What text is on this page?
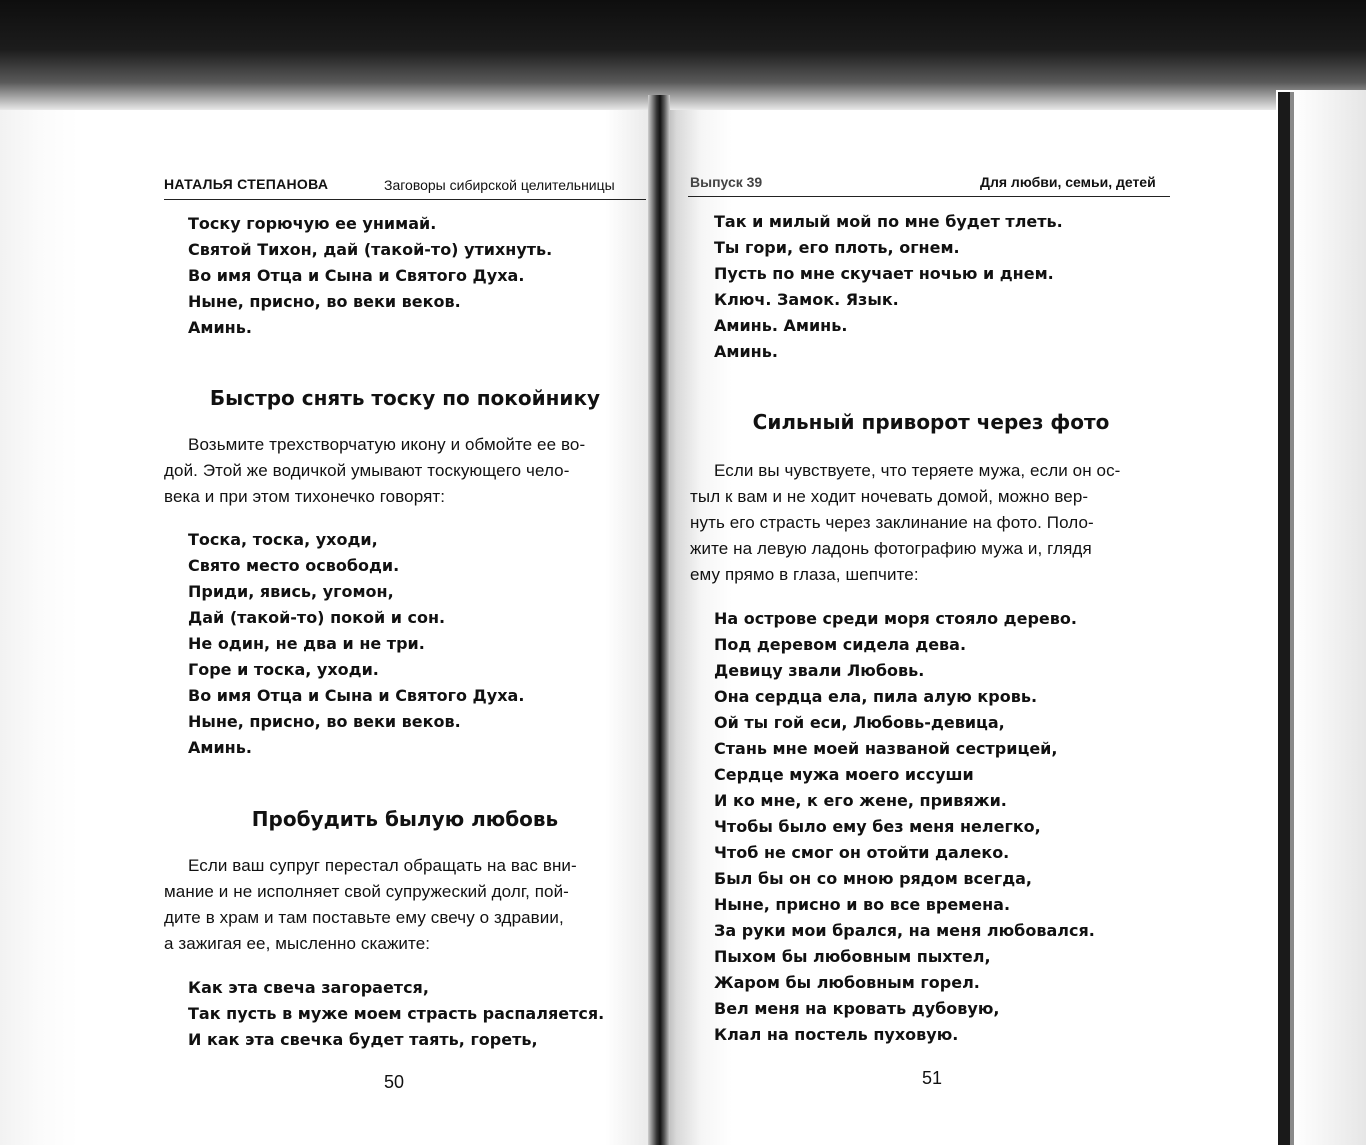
НАТАЛЬЯ СТЕПАНОВА	Заговоры сибирской целительницы
Тоску горючую ее унимай.
Святой Тихон, дай (такой-то) утихнуть.
Во имя Отца и Сына и Святого Духа.
Ныне, присно, во веки веков.
Аминь.
Быстро снять тоску по покойнику
Возьмите трехстворчатую икону и обмойте ее во-
дой. Этой же водичкой умывают тоскующего чело-
века и при этом тихонечко говорят:
Тоска, тоска, уходи,
Свято место освободи.
Приди, явись, угомон,
Дай (такой-то) покой и сон.
Не один, не два и не три.
Горе и тоска, уходи.
Во имя Отца и Сына и Святого Духа.
Ныне, присно, во веки веков.
Аминь.
Пробудить былую любовь
Если ваш супруг перестал обращать на вас вни-
мание и не исполняет свой супружеский долг, пой-
дите в храм и там поставьте ему свечу о здравии,
а зажигая ее, мысленно скажите:
Как эта свеча загорается,
Так пусть в муже моем страсть распаляется.
И как эта свечка будет таять, гореть,
50
Выпуск 39	Для любви, семьи, детей
Так и милый мой по мне будет тлеть.
Ты гори, его плоть, огнем.
Пусть по мне скучает ночью и днем.
Ключ. Замок. Язык.
Аминь. Аминь.
Аминь.
Сильный приворот через фото
Если вы чувствуете, что теряете мужа, если он ос-
тыл к вам и не ходит ночевать домой, можно вер-
нуть его страсть через заклинание на фото. Поло-
жите на левую ладонь фотографию мужа и, глядя
ему прямо в глаза, шепчите:
На острове среди моря стояло дерево.
Под деревом сидела дева.
Девицу звали Любовь.
Она сердца ела, пила алую кровь.
Ой ты гой еси, Любовь-девица,
Стань мне моей названой сестрицей,
Сердце мужа моего иссуши
И ко мне, к его жене, привяжи.
Чтобы было ему без меня нелегко,
Чтоб не смог он отойти далеко.
Был бы он со мною рядом всегда,
Ныне, присно и во все времена.
За руки мои брался, на меня любовался.
Пыхом бы любовным пыхтел,
Жаром бы любовным горел.
Вел меня на кровать дубовую,
Клал на постель пуховую.
51
